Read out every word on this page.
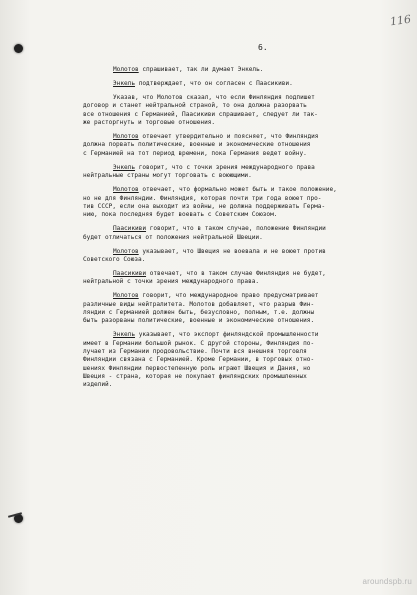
116
6.
Молотов спрашивает, так ли думает Энкель.
Энкель подтверждает, что он согласен с Паасикиви.
Указав, что Молотов сказал, что если Финляндия подпишет
договор и станет нейтральной страной, то она должна разорвать
все отношения с Германией, Паасикиви спрашивает, следует ли так-
же расторгнуть и торговые отношения.
Молотов отвечает утвердительно и поясняет, что Финляндия
должна порвать политические, военные и экономические отношения
с Германией на тот период времени, пока Германия ведет войну.
Энкель говорит, что с точки зрения международного права
нейтральные страны могут торговать с воюющими.
Молотов отвечает, что формально может быть и такое положение,
но не для Финляндии. Финляндия, которая почти три года воюет про-
тив СССР, если она выходит из войны, не должна поддерживать Герма-
нию, пока последняя будет воевать с Советским Союзом.
Паасикиви говорит, что в таком случае, положение Финляндии
будет отличаться от положения нейтральной Швеции.
Молотов указывает, что Швеция не воевала и не воюет против
Советского Союза.
Паасикиви отвечает, что в таком случае Финляндия не будет,
нейтральной с точки зрения международного права.
Молотов говорит, что международное право предусматривает
различные виды нейтралитета. Молотов добавляет, что разрыв Фин-
ляндии с Германией должен быть, безусловно, полным, т.е. должны
быть разорваны политические, военные и экономические отношения.
Энкель указывает, что экспорт финляндской промышленности
имеет в Германии большой рынок. С другой стороны, Финляндия по-
лучает из Германии продовольствие. Почти вся внешняя торговля
Финляндии связана с Германией. Кроме Германии, в торговых отно-
шениях Финляндии первостепенную роль играют Швеция и Дания, но
Швеция - страна, которая не покупает финляндских промышленных
изделий.
aroundspb.ru
